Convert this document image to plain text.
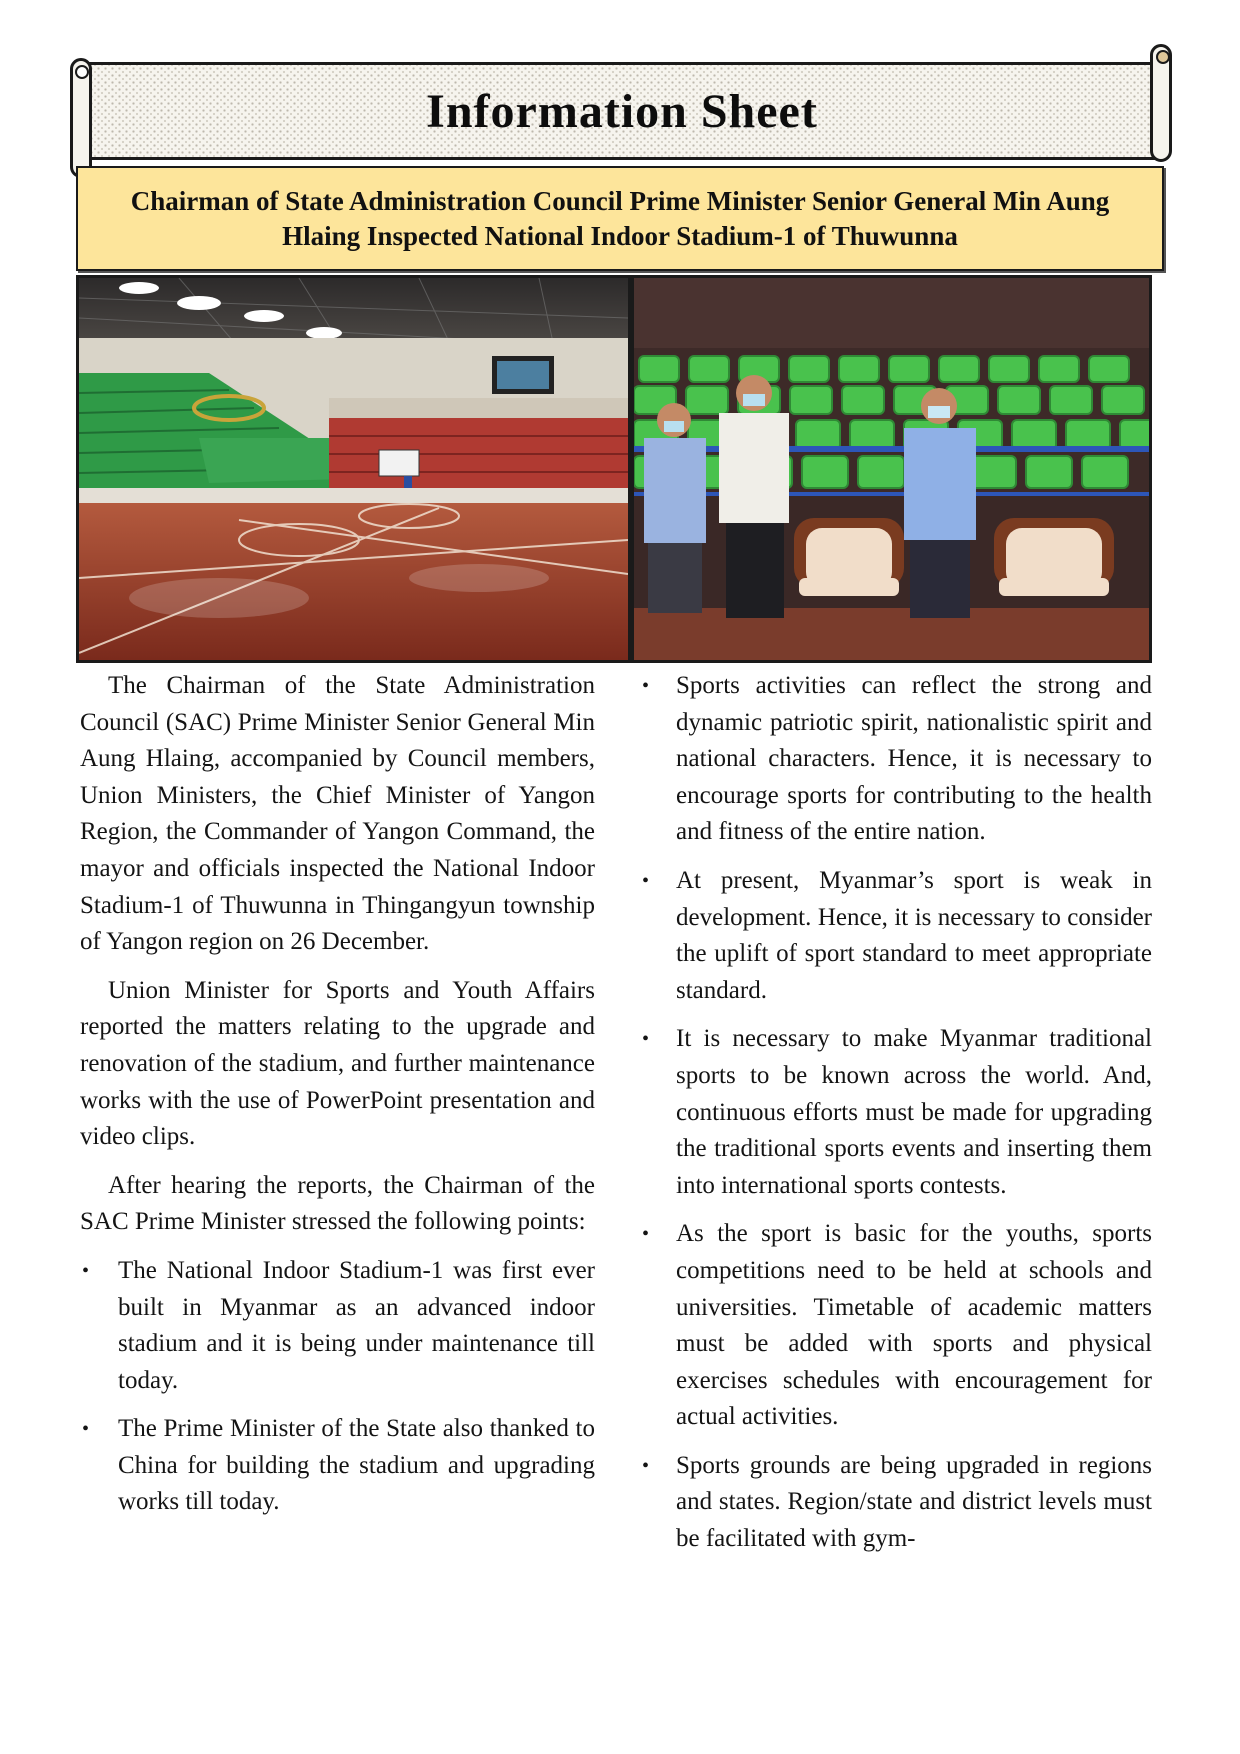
Information Sheet
Chairman of State Administration Council Prime Minister Senior General Min Aung Hlaing Inspected National Indoor Stadium-1 of Thuwunna

The Chairman of the State Administration Council (SAC) Prime Minister Senior General Min Aung Hlaing, accompanied by Council members, Union Ministers, the Chief Minister of Yangon Region, the Commander of Yangon Command, the mayor and officials inspected the National Indoor Stadium-1 of Thuwunna in Thingangyun township of Yangon region on 26 December.

Union Minister for Sports and Youth Affairs reported the matters relating to the upgrade and renovation of the stadium, and further maintenance works with the use of PowerPoint presentation and video clips.

After hearing the reports, the Chairman of the SAC Prime Minister stressed the following points:

• The National Indoor Stadium-1 was first ever built in Myanmar as an advanced indoor stadium and it is being under maintenance till today.
• The Prime Minister of the State also thanked to China for building the stadium and upgrading works till today.
• Sports activities can reflect the strong and dynamic patriotic spirit, nationalistic spirit and national characters. Hence, it is necessary to encourage sports for contributing to the health and fitness of the entire nation.
• At present, Myanmar’s sport is weak in development. Hence, it is necessary to consider the uplift of sport standard to meet appropriate standard.
• It is necessary to make Myanmar traditional sports to be known across the world. And, continuous efforts must be made for upgrading the traditional sports events and inserting them into international sports contests.
• As the sport is basic for the youths, sports competitions need to be held at schools and universities. Timetable of academic matters must be added with sports and physical exercises schedules with encouragement for actual activities.
• Sports grounds are being upgraded in regions and states. Region/state and district levels must be facilitated with gym-
